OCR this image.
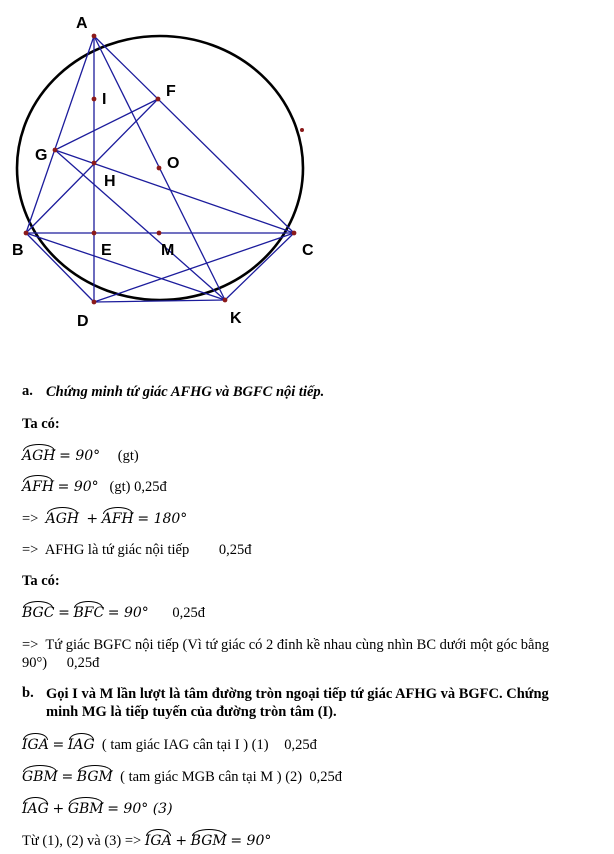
A
I	F
G	O
H
B	E	M	C
D	K
a. Chứng minh tứ giác AFHG và BGFC nội tiếp.
Ta có:
AGH = 90° (gt)
AFH = 90° (gt) 0,25đ
=> AGH + AFH = 180°
=> AFHG là tứ giác nội tiếp 0,25đ
Ta có:
BGC = BFC = 90° 0,25đ
=> Tứ giác BGFC nội tiếp (Vì tứ giác có 2 đỉnh kề nhau cùng nhìn BC dưới một góc bằng
90°) 0,25đ
b. Gọi I và M lần lượt là tâm đường tròn ngoại tiếp tứ giác AFHG và BGFC. Chứng
minh MG là tiếp tuyến của đường tròn tâm (I).
IGA = IAG ( tam giác IAG cân tại I ) (1) 0,25đ
GBM = BGM ( tam giác MGB cân tại M ) (2) 0,25đ
IAG + GBM = 90° (3)
Từ (1), (2) và (3) => IGA + BGM = 90°
